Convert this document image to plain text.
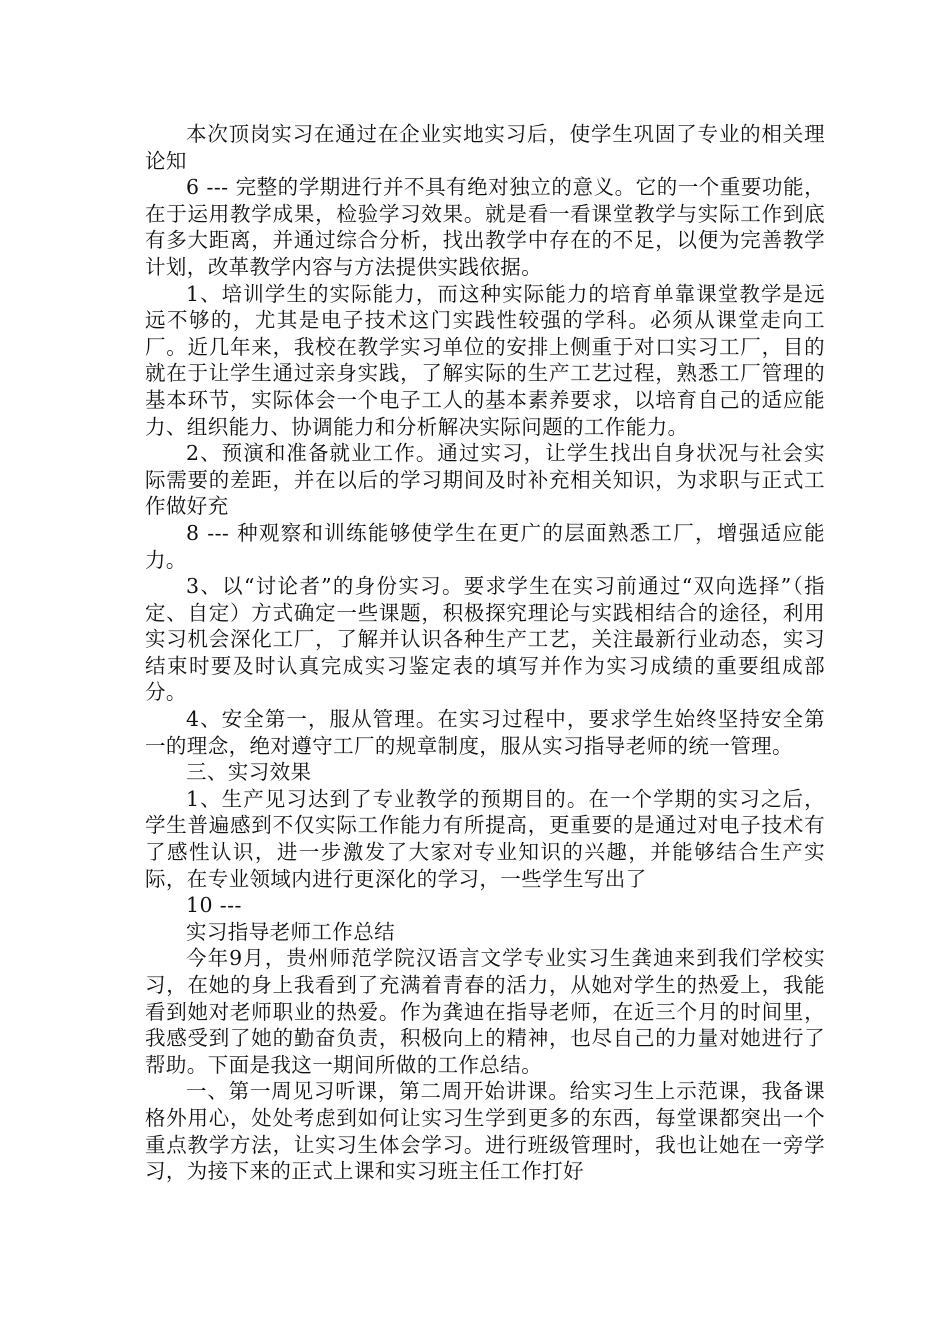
本次顶岗实习在通过在企业实地实习后，使学生巩固了专业的相关理论知

6 --- 完整的学期进行并不具有绝对独立的意义。它的一个重要功能，在于运用教学成果，检验学习效果。就是看一看课堂教学与实际工作到底有多大距离，并通过综合分析，找出教学中存在的不足，以便为完善教学计划，改革教学内容与方法提供实践依据。

1、培训学生的实际能力，而这种实际能力的培育单靠课堂教学是远远不够的，尤其是电子技术这门实践性较强的学科。必须从课堂走向工厂。近几年来，我校在教学实习单位的安排上侧重于对口实习工厂，目的就在于让学生通过亲身实践，了解实际的生产工艺过程，熟悉工厂管理的基本环节，实际体会一个电子工人的基本素养要求，以培育自己的适应能力、组织能力、协调能力和分析解决实际问题的工作能力。

2、预演和准备就业工作。通过实习，让学生找出自身状况与社会实际需要的差距，并在以后的学习期间及时补充相关知识，为求职与正式工作做好充

8 --- 种观察和训练能够使学生在更广的层面熟悉工厂，增强适应能力。

3、以“讨论者”的身份实习。要求学生在实习前通过“双向选择”（指定、自定）方式确定一些课题，积极探究理论与实践相结合的途径，利用实习机会深化工厂，了解并认识各种生产工艺，关注最新行业动态，实习结束时要及时认真完成实习鉴定表的填写并作为实习成绩的重要组成部分。

4、安全第一，服从管理。在实习过程中，要求学生始终坚持安全第一的理念，绝对遵守工厂的规章制度，服从实习指导老师的统一管理。

三、实习效果

1、生产见习达到了专业教学的预期目的。在一个学期的实习之后，学生普遍感到不仅实际工作能力有所提高，更重要的是通过对电子技术有了感性认识，进一步激发了大家对专业知识的兴趣，并能够结合生产实际，在专业领域内进行更深化的学习，一些学生写出了

10 ---

实习指导老师工作总结

今年9月，贵州师范学院汉语言文学专业实习生龚迪来到我们学校实习，在她的身上我看到了充满着青春的活力，从她对学生的热爱上，我能看到她对老师职业的热爱。作为龚迪在指导老师，在近三个月的时间里，我感受到了她的勤奋负责，积极向上的精神，也尽自己的力量对她进行了帮助。下面是我这一期间所做的工作总结。

一、第一周见习听课，第二周开始讲课。给实习生上示范课，我备课格外用心，处处考虑到如何让实习生学到更多的东西，每堂课都突出一个重点教学方法，让实习生体会学习。进行班级管理时，我也让她在一旁学习，为接下来的正式上课和实习班主任工作打好
